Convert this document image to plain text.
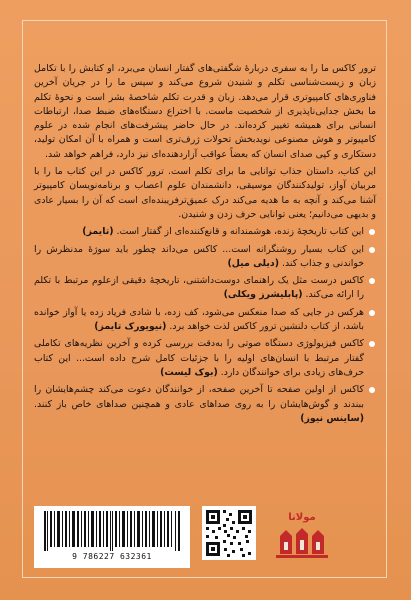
ترور کاکس ما را به سفری دربارهٔ شگفتی‌های گفتار انسان می‌برد، او کتابش را با تکامل زبان و زیست‌شناسی تکلم و شنیدن شروع می‌کند و سپس ما را در جریان آخرین فناوری‌های کامپیوتری قرار می‌دهد. زبان و قدرت تکلم شاخصهٔ بشر است و نحوهٔ تکلم ما بخش جدایی‌ناپذیری از شخصیت ماست. با اختراع دستگاه‌های ضبط صدا، ارتباطات انسانی برای همیشه تغییر کرده‌اند. در حال حاضر پیشرفت‌های انجام شده در علوم کامپیوتر و هوش مصنوعی نویدبخش تحولات ژرف‌تری است و همراه با آن امکان تولید، دستکاری و کپی صدای انسان که بعضاً عواقب آزاردهنده‌ای نیز دارد، فراهم خواهد شد.

این کتاب، داستان جذاب توانایی ما برای تکلم است. ترور کاکس در این کتاب ما را با مربیان آواز، تولیدکنندگان موسیقی، دانشمندان علوم اعصاب و برنامه‌نویسان کامپیوتر آشنا می‌کند و آنچه به ما هدیه می‌کند درک عمیق‌ترفریبنده‌ای است که آن را بسیار عادی و بدیهی می‌دانیم؛ یعنی توانایی حرف زدن و شنیدن.

این کتاب تاریخچهٔ زنده، هوشمندانه و قانع‌کننده‌ای از گفتار است. (تایمز)
این کتاب بسیار روشنگرانه است... کاکس می‌داند چطور باید سوژهٔ مدنظرش را خواندنی و جذاب کند. (دیلی میل)
کاکس درست مثل یک راهنمای دوست‌داشتنی، تاریخچهٔ دقیقی ازعلوم مرتبط با تکلم را ارائه می‌کند. (پابلیشرز ویکلی)
هرکس در جایی که صدا منعکس می‌شود، کف زده، با شادی فریاد زده یا آواز خوانده باشد، از کتاب دلنشین ترور کاکس لذت خواهد برد. (نیویورک تایمز)
کاکس فیزیولوژی دستگاه صوتی را به‌دقت بررسی کرده و آخرین نظریه‌های تکاملی گفتار مرتبط با انسان‌های اولیه را با جزئیات کامل شرح داده است... این کتاب حرف‌های زیادی برای خوانندگان دارد. (بوک لیست)
کاکس از اولین صفحه تا آخرین صفحه، از خوانندگان دعوت می‌کند چشم‌هایشان را ببندند و گوش‌هایشان را به روی صداهای عادی و همچنین صداهای خاص باز کنند. (ساینس نیوز)
9 786227 632361
مولانا
